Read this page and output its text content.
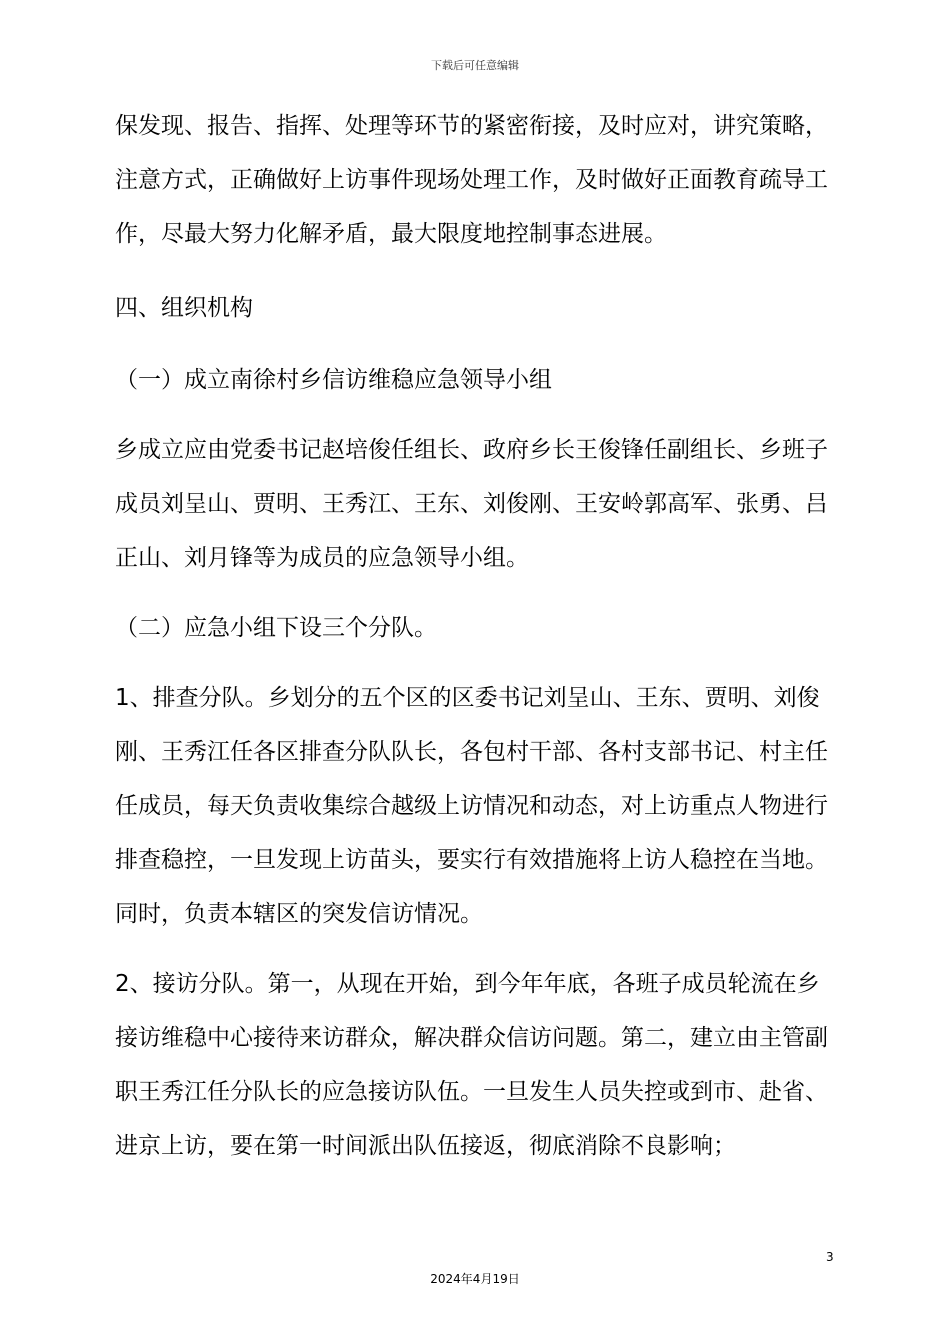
下载后可任意编辑
保发现、报告、指挥、处理等环节的紧密衔接，及时应对，讲究策略，
注意方式，正确做好上访事件现场处理工作，及时做好正面教育疏导工
作，尽最大努力化解矛盾，最大限度地控制事态进展。
四、组织机构
（一）成立南徐村乡信访维稳应急领导小组
乡成立应由党委书记赵培俊任组长、政府乡长王俊锋任副组长、乡班子
成员刘呈山、贾明、王秀江、王东、刘俊刚、王安岭郭高军、张勇、吕
正山、刘月锋等为成员的应急领导小组。
（二）应急小组下设三个分队。
1、排查分队。乡划分的五个区的区委书记刘呈山、王东、贾明、刘俊
刚、王秀江任各区排查分队队长，各包村干部、各村支部书记、村主任
任成员，每天负责收集综合越级上访情况和动态，对上访重点人物进行
排查稳控，一旦发现上访苗头，要实行有效措施将上访人稳控在当地。
同时，负责本辖区的突发信访情况。
2、接访分队。第一，从现在开始，到今年年底，各班子成员轮流在乡
接访维稳中心接待来访群众，解决群众信访问题。第二，建立由主管副
职王秀江任分队长的应急接访队伍。一旦发生人员失控或到市、赴省、
进京上访，要在第一时间派出队伍接返，彻底消除不良影响；
3
2024年4月19日
